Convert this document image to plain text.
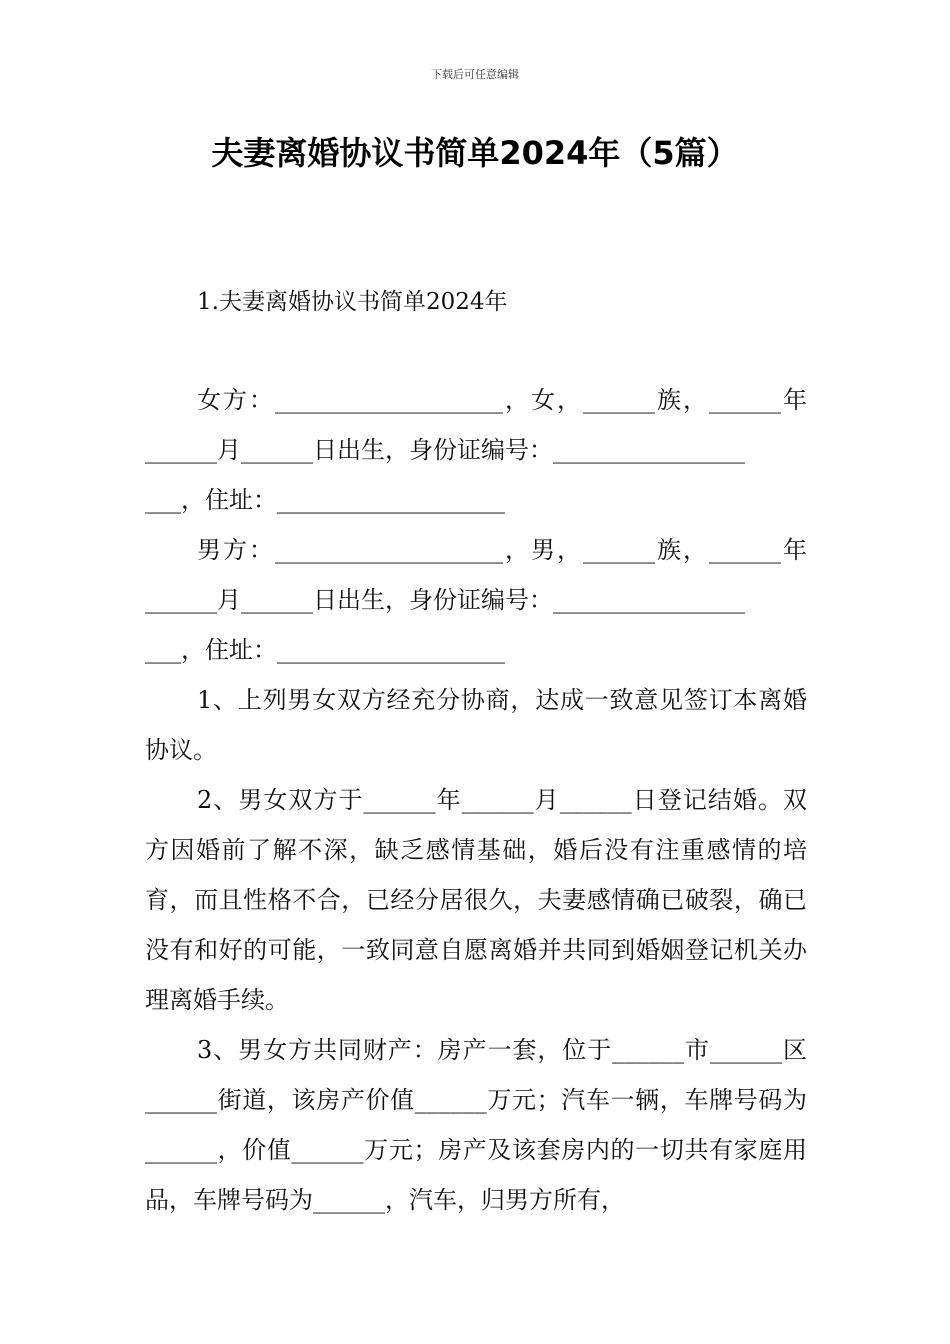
下载后可任意编辑
夫妻离婚协议书简单2024年（5篇）
1.夫妻离婚协议书简单2024年

女方：___________________，女，______族，______年______月______日出生，身份证编号：________________

___，住址：___________________

男方：___________________，男，______族，______年______月______日出生，身份证编号：________________

___，住址：___________________

1、上列男女双方经充分协商，达成一致意见签订本离婚协议。

2、男女双方于______年______月______日登记结婚。双方因婚前了解不深，缺乏感情基础，婚后没有注重感情的培育，而且性格不合，已经分居很久，夫妻感情确已破裂，确已没有和好的可能，一致同意自愿离婚并共同到婚姻登记机关办理离婚手续。

3、男女方共同财产：房产一套，位于______市______区______街道，该房产价值______万元；汽车一辆，车牌号码为______，价值______万元；房产及该套房内的一切共有家庭用品，车牌号码为______，汽车，归男方所有，
